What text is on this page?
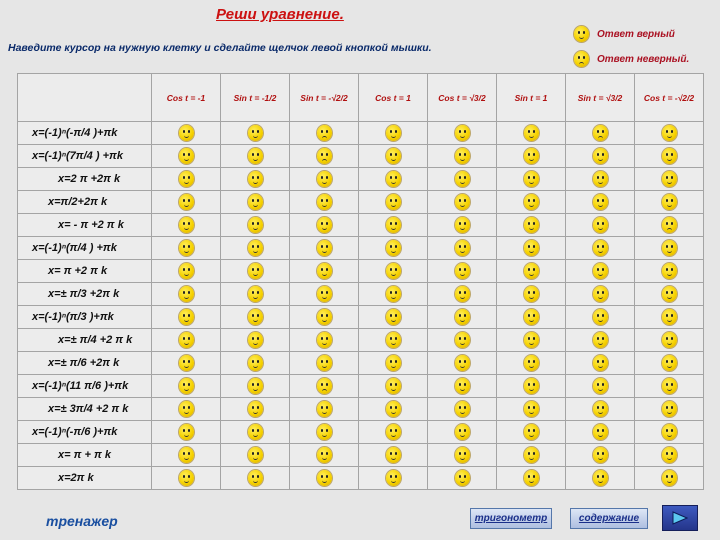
Реши уравнение.
Наведите курсор на нужную клетку и сделайте щелчок левой кнопкой мышки.
Ответ верный
Ответ неверный.
	Cos t = -1	Sin t = -1/2	Sin t = -√2/2	Cos t = 1	Cos t = √3/2	Sin t = 1	Sin t = √3/2	Cos t = -√2/2
x=(-1)ⁿ(-π/4 )+πk								
x=(-1)ⁿ(7π/4 ) +πk								
x=2 π +2π k								
x=π/2+2π k								
x= - π +2 π k								
x=(-1)ⁿ(π/4 ) +πk								
x= π +2 π k								
x=± π/3 +2π k								
x=(-1)ⁿ(π/3 )+πk								
x=± π/4 +2 π k								
x=± π/6 +2π k								
x=(-1)ⁿ(11 π/6 )+πk								
x=± 3π/4 +2 π k								
x=(-1)ⁿ(-π/6 )+πk								
x= π + π k								
x=2π k								
тренажер	тригонометр	содержание
